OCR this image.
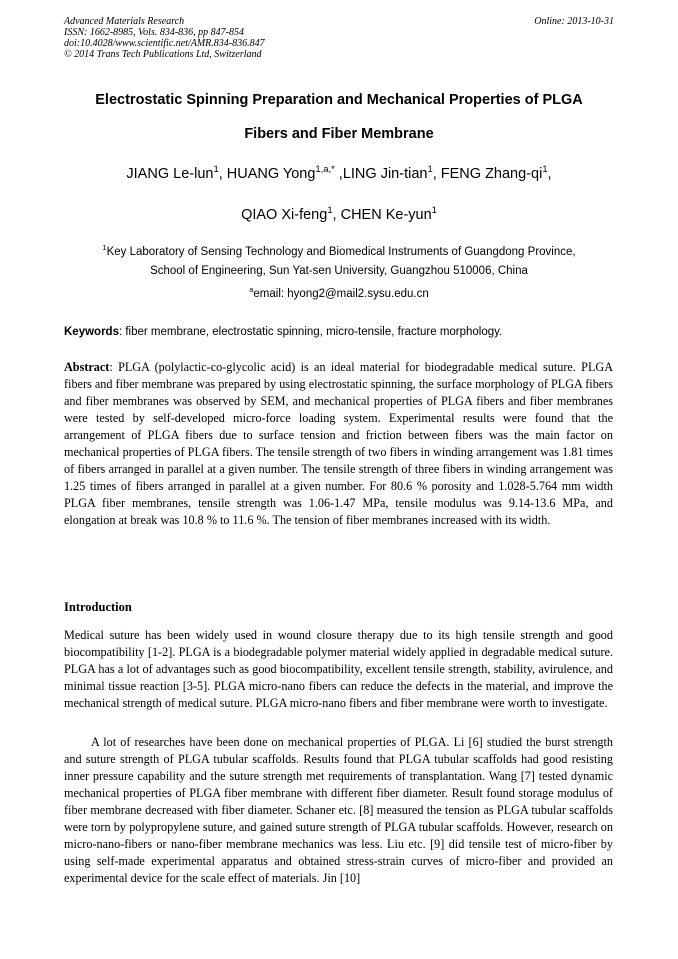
Advanced Materials Research
ISSN: 1662-8985, Vols. 834-836, pp 847-854
doi:10.4028/www.scientific.net/AMR.834-836.847
© 2014 Trans Tech Publications Ltd, Switzerland
Online: 2013-10-31
Electrostatic Spinning Preparation and Mechanical Properties of PLGA
Fibers and Fiber Membrane
JIANG Le-lun$^1$, HUANG Yong$^{1,a,*}$ ,LING Jin-tian$^1$, FENG Zhang-$qi^1$,
QIAO Xi-feng$^1$, CHEN Ke-yun$^1$
$^1$Key Laboratory of Sensing Technology and Biomedical Instruments of Guangdong Province,
School of Engineering, Sun Yat-sen University, Guangzhou 510006, China
$^a$email: hyong2@mail2.sysu.edu.cn
Keywords: fiber membrane, electrostatic spinning, micro-tensile, fracture morphology.
Abstract: PLGA (polylactic-co-glycolic acid) is an ideal material for biodegradable medical suture. PLGA fibers and fiber membrane was prepared by using electrostatic spinning, the surface morphology of PLGA fibers and fiber membranes was observed by SEM, and mechanical properties of PLGA fibers and fiber membranes were tested by self-developed micro-force loading system. Experimental results were found that the arrangement of PLGA fibers due to surface tension and friction between fibers was the main factor on mechanical properties of PLGA fibers. The tensile strength of two fibers in winding arrangement was 1.81 times of fibers arranged in parallel at a given number. The tensile strength of three fibers in winding arrangement was 1.25 times of fibers arranged in parallel at a given number. For 80.6 % porosity and 1.028-5.764 mm width PLGA fiber membranes, tensile strength was 1.06-1.47 MPa, tensile modulus was 9.14-13.6 MPa, and elongation at break was 10.8 % to 11.6 %. The tension of fiber membranes increased with its width.
Introduction
Medical suture has been widely used in wound closure therapy due to its high tensile strength and good biocompatibility [1-2]. PLGA is a biodegradable polymer material widely applied in degradable medical suture. PLGA has a lot of advantages such as good biocompatibility, excellent tensile strength, stability, avirulence, and minimal tissue reaction [3-5]. PLGA micro-nano fibers can reduce the defects in the material, and improve the mechanical strength of medical suture. PLGA micro-nano fibers and fiber membrane were worth to investigate.
A lot of researches have been done on mechanical properties of PLGA. Li [6] studied the burst strength and suture strength of PLGA tubular scaffolds. Results found that PLGA tubular scaffolds had good resisting inner pressure capability and the suture strength met requirements of transplantation. Wang [7] tested dynamic mechanical properties of PLGA fiber membrane with different fiber diameter. Result found storage modulus of fiber membrane decreased with fiber diameter. Schaner etc. [8] measured the tension as PLGA tubular scaffolds were torn by polypropylene suture, and gained suture strength of PLGA tubular scaffolds. However, research on micro-nano-fibers or nano-fiber membrane mechanics was less. Liu etc. [9] did tensile test of micro-fiber by using self-made experimental apparatus and obtained stress-strain curves of micro-fiber and provided an experimental device for the scale effect of materials. Jin [10]
